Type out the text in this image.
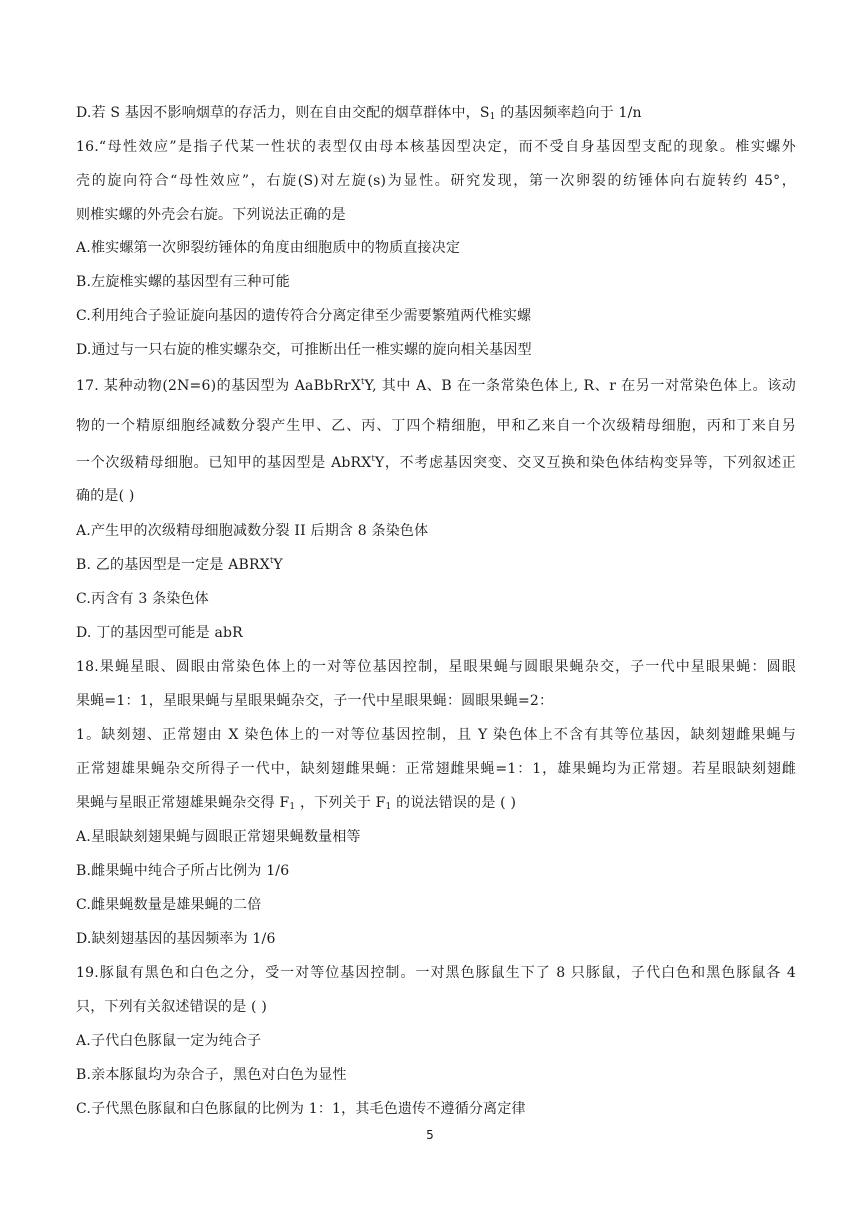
D.若 S 基因不影响烟草的存活力，则在自由交配的烟草群体中，$S_1$ 的基因频率趋向于 1/n
16.“母性效应”是指子代某一性状的表型仅由母本核基因型决定，而不受自身基因型支配的现象。椎实螺外
壳的旋向符合“母性效应”，右旋(S)对左旋(s)为显性。研究发现，第一次卵裂的纺锤体向右旋转约 45°，
则椎实螺的外壳会右旋。下列说法正确的是
A.椎实螺第一次卵裂纺锤体的角度由细胞质中的物质直接决定
B.左旋椎实螺的基因型有三种可能
C.利用纯合子验证旋向基因的遗传符合分离定律至少需要繁殖两代椎实螺
D.通过与一只右旋的椎实螺杂交，可推断出任一椎实螺的旋向相关基因型
17. 某种动物(2N=6)的基因型为 AaBbRrX$^t$Y, 其中 A、B 在一条常染色体上, R、r 在另一对常染色体上。该动
物的一个精原细胞经减数分裂产生甲、乙、丙、丁四个精细胞，甲和乙来自一个次级精母细胞，丙和丁来自另
一个次级精母细胞。已知甲的基因型是 AbRX$^t$Y，不考虑基因突变、交叉互换和染色体结构变异等，下列叙述正
确的是( )
A.产生甲的次级精母细胞减数分裂 II 后期含 8 条染色体
B. 乙的基因型是一定是 ABRX$^t$Y
C.丙含有 3 条染色体
D. 丁的基因型可能是 abR
18.果蝇星眼、圆眼由常染色体上的一对等位基因控制，星眼果蝇与圆眼果蝇杂交，子一代中星眼果蝇：圆眼
果蝇=1：1，星眼果蝇与星眼果蝇杂交，子一代中星眼果蝇：圆眼果蝇=2：
1。缺刻翅、正常翅由 X 染色体上的一对等位基因控制，且 Y 染色体上不含有其等位基因，缺刻翅雌果蝇与
正常翅雄果蝇杂交所得子一代中，缺刻翅雌果蝇：正常翅雌果蝇=1：1，雄果蝇均为正常翅。若星眼缺刻翅雌
果蝇与星眼正常翅雄果蝇杂交得 $F_1$ ，下列关于 $F_1$ 的说法错误的是 ( )
A.星眼缺刻翅果蝇与圆眼正常翅果蝇数量相等
B.雌果蝇中纯合子所占比例为 1/6
C.雌果蝇数量是雄果蝇的二倍
D.缺刻翅基因的基因频率为 1/6
19.豚鼠有黑色和白色之分，受一对等位基因控制。一对黑色豚鼠生下了 8 只豚鼠，子代白色和黑色豚鼠各 4
只，下列有关叙述错误的是 ( )
A.子代白色豚鼠一定为纯合子
B.亲本豚鼠均为杂合子，黑色对白色为显性
C.子代黑色豚鼠和白色豚鼠的比例为 1：1，其毛色遗传不遵循分离定律
5
